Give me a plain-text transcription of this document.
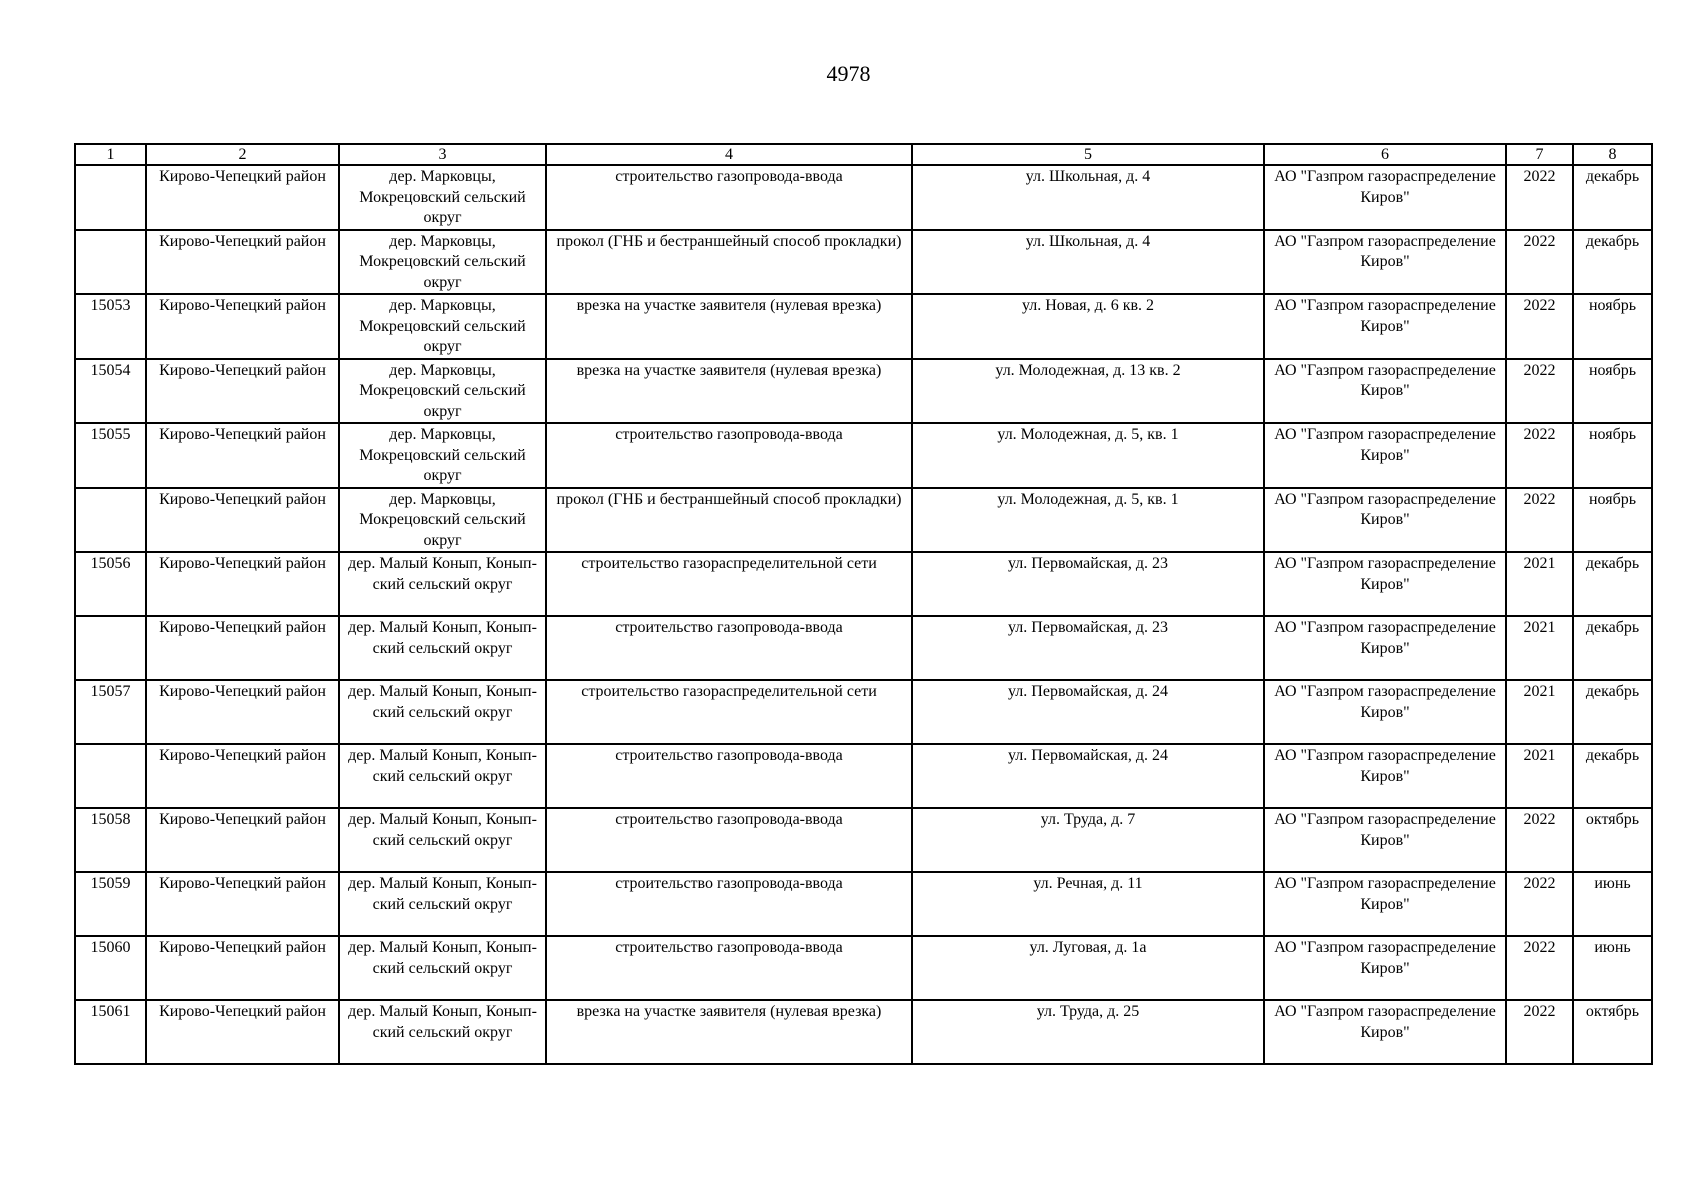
4978
1	2	3	4	5	6	7	8
	Кирово-Чепецкий район	дер. Марковцы, Мокрецовский сельский округ	строительство газопровода-ввода	ул. Школьная, д. 4	АО "Газпром газораспределение Киров"	2022	декабрь
	Кирово-Чепецкий район	дер. Марковцы, Мокрецовский сельский округ	прокол (ГНБ и бестраншейный способ прокладки)	ул. Школьная, д. 4	АО "Газпром газораспределение Киров"	2022	декабрь
15053	Кирово-Чепецкий район	дер. Марковцы, Мокрецовский сельский округ	врезка на участке заявителя (нулевая врезка)	ул. Новая, д. 6 кв. 2	АО "Газпром газораспределение Киров"	2022	ноябрь
15054	Кирово-Чепецкий район	дер. Марковцы, Мокрецовский сельский округ	врезка на участке заявителя (нулевая врезка)	ул. Молодежная, д. 13 кв. 2	АО "Газпром газораспределение Киров"	2022	ноябрь
15055	Кирово-Чепецкий район	дер. Марковцы, Мокрецовский сельский округ	строительство газопровода-ввода	ул. Молодежная, д. 5, кв. 1	АО "Газпром газораспределение Киров"	2022	ноябрь
	Кирово-Чепецкий район	дер. Марковцы, Мокрецовский сельский округ	прокол (ГНБ и бестраншейный способ прокладки)	ул. Молодежная, д. 5, кв. 1	АО "Газпром газораспределение Киров"	2022	ноябрь
15056	Кирово-Чепецкий район	дер. Малый Конып, Коныпский сельский округ	строительство газораспределительной сети	ул. Первомайская, д. 23	АО "Газпром газораспределение Киров"	2021	декабрь
	Кирово-Чепецкий район	дер. Малый Конып, Коныпский сельский округ	строительство газопровода-ввода	ул. Первомайская, д. 23	АО "Газпром газораспределение Киров"	2021	декабрь
15057	Кирово-Чепецкий район	дер. Малый Конып, Коныпский сельский округ	строительство газораспределительной сети	ул. Первомайская, д. 24	АО "Газпром газораспределение Киров"	2021	декабрь
	Кирово-Чепецкий район	дер. Малый Конып, Коныпский сельский округ	строительство газопровода-ввода	ул. Первомайская, д. 24	АО "Газпром газораспределение Киров"	2021	декабрь
15058	Кирово-Чепецкий район	дер. Малый Конып, Коныпский сельский округ	строительство газопровода-ввода	ул. Труда, д. 7	АО "Газпром газораспределение Киров"	2022	октябрь
15059	Кирово-Чепецкий район	дер. Малый Конып, Коныпский сельский округ	строительство газопровода-ввода	ул. Речная, д. 11	АО "Газпром газораспределение Киров"	2022	июнь
15060	Кирово-Чепецкий район	дер. Малый Конып, Коныпский сельский округ	строительство газопровода-ввода	ул. Луговая, д. 1а	АО "Газпром газораспределение Киров"	2022	июнь
15061	Кирово-Чепецкий район	дер. Малый Конып, Коныпский сельский округ	врезка на участке заявителя (нулевая врезка)	ул. Труда, д. 25	АО "Газпром газораспределение Киров"	2022	октябрь
